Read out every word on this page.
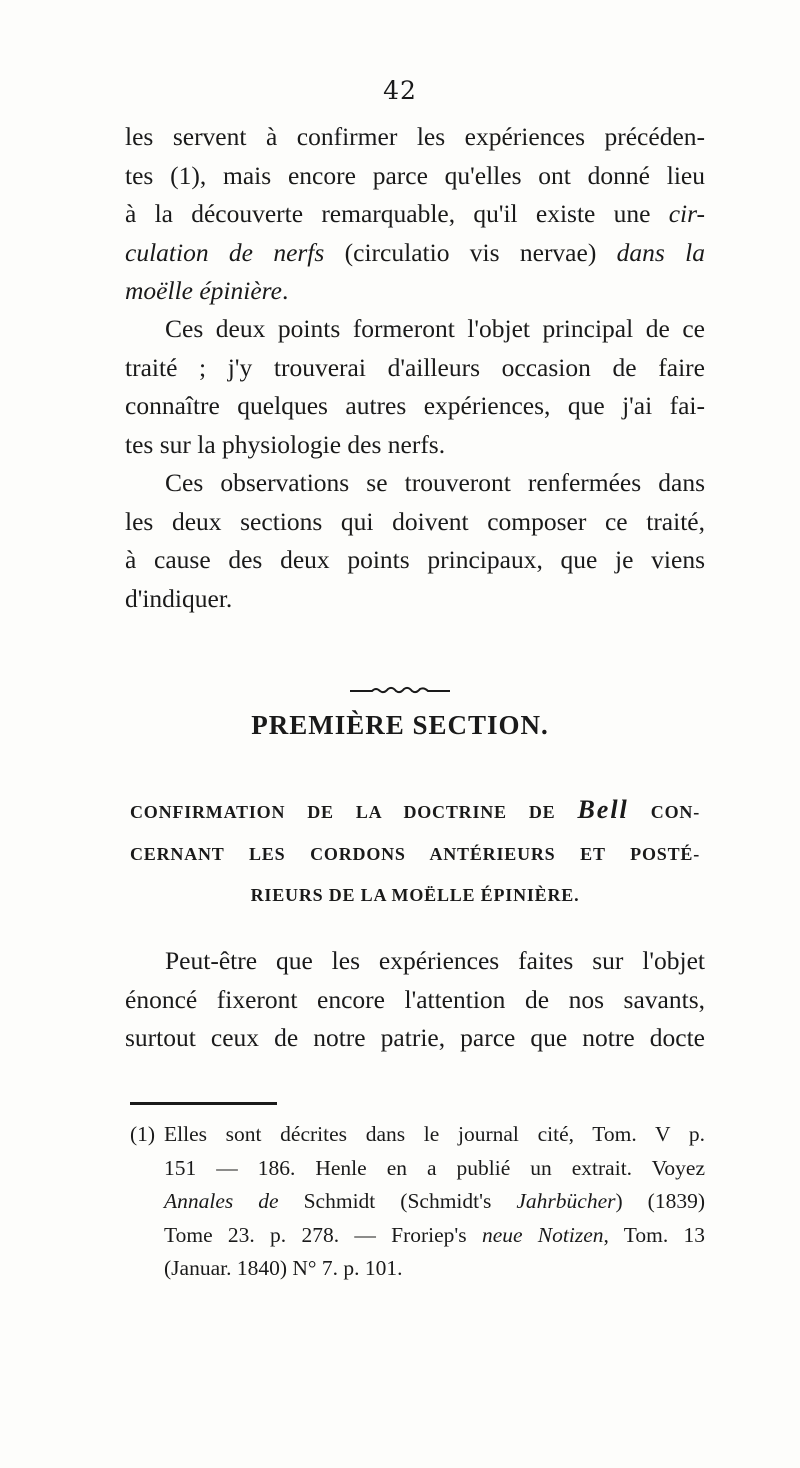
42

les servent à confirmer les expériences précéden-
tes (1), mais encore parce qu'elles ont donné lieu
à la découverte remarquable, qu'il existe une cir-
culation de nerfs (circulatio vis nervae) dans la
moëlle épinière.

Ces deux points formeront l'objet principal de ce
traité ; j'y trouverai d'ailleurs occasion de faire
connaître quelques autres expériences, que j'ai fai-
tes sur la physiologie des nerfs.

Ces observations se trouveront renfermées dans
les deux sections qui doivent composer ce traité,
à cause des deux points principaux, que je viens
d'indiquer.

PREMIÈRE SECTION.
CONFIRMATION DE LA DOCTRINE DE Bell CON-
CERNANT LES CORDONS ANTÉRIEURS ET POSTÉ-
RIEURS DE LA MOËLLE ÉPINIÈRE.

Peut-être que les expériences faites sur l'objet
énoncé fixeront encore l'attention de nos savants,
surtout ceux de notre patrie, parce que notre docte

(1) Elles sont décrites dans le journal cité, Tom. V p.
151 — 186. Henle en a publié un extrait. Voyez
Annales de Schmidt (Schmidt's Jahrbücher) (1839)
Tome 23. p. 278. — Froriep's neue Notizen, Tom. 13
(Januar. 1840) N° 7. p. 101.
